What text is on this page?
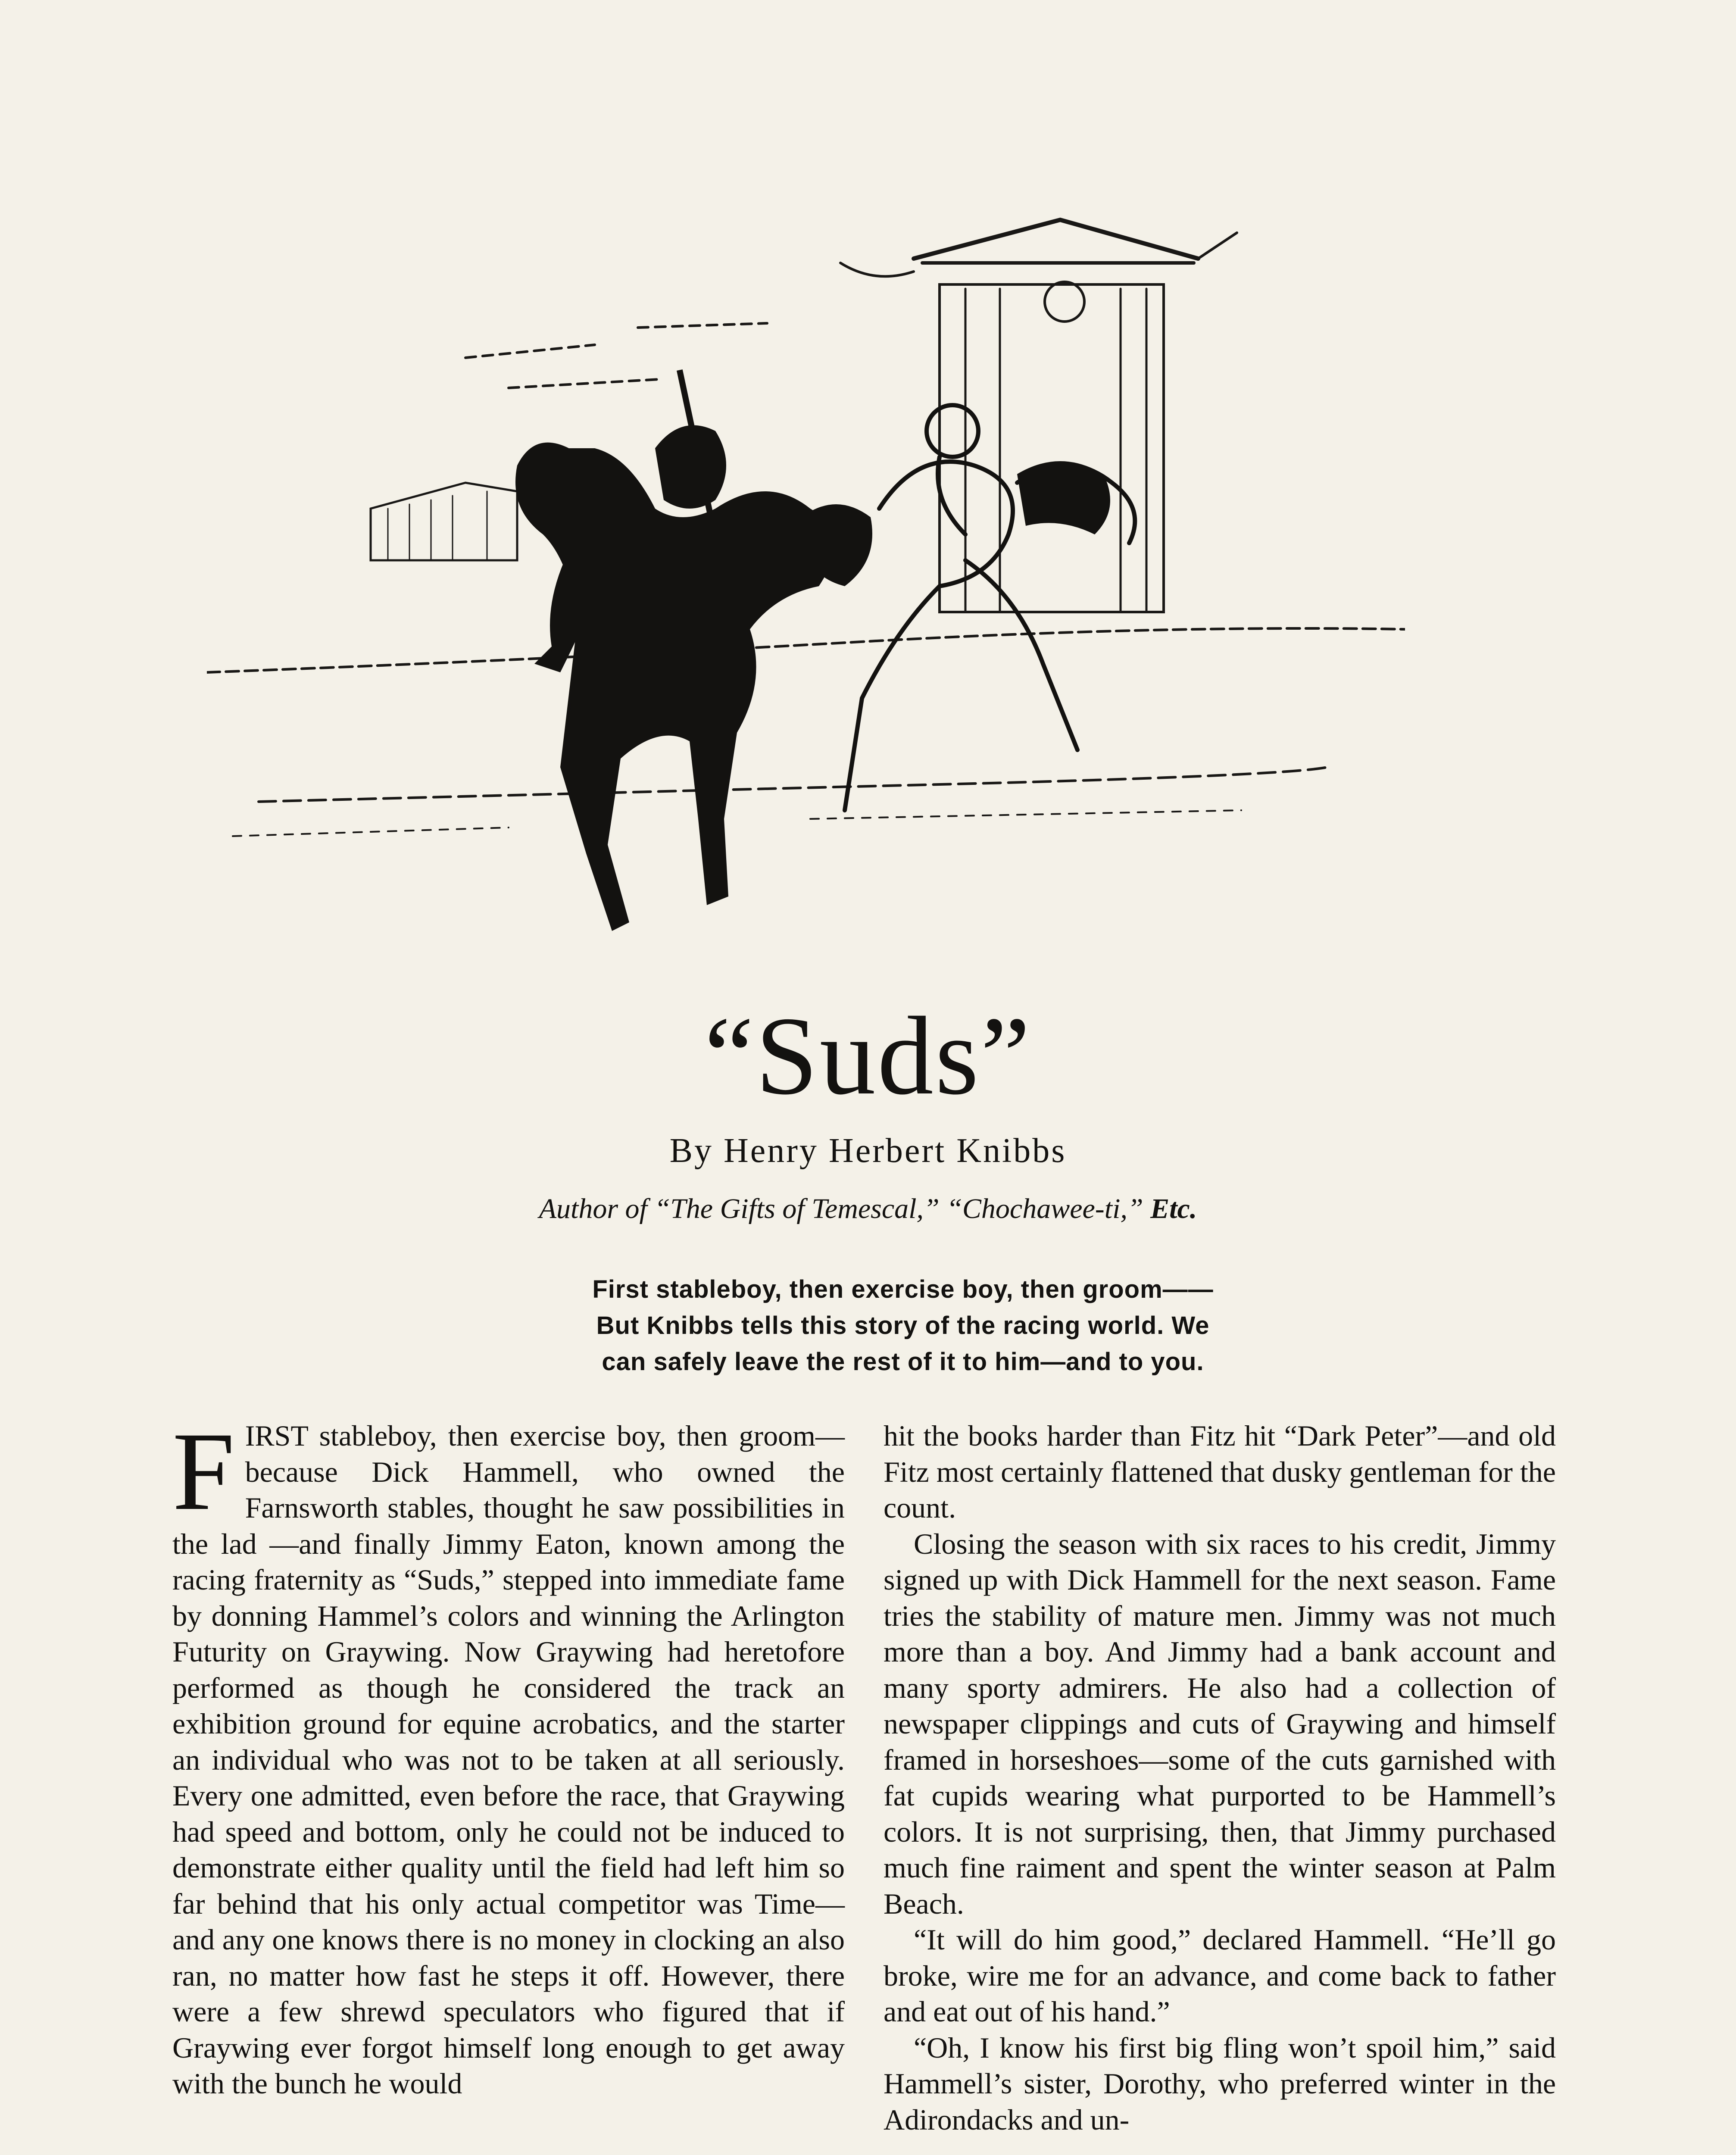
“Suds”
By Henry Herbert Knibbs
Author of “The Gifts of Temescal,” “Chochawee-ti,” Etc.

First stableboy, then exercise boy, then groom——

But Knibbs tells this story of the racing world. We

can safely leave the rest of it to him—and to you.

F IRST stableboy, then exercise boy, then groom—because Dick Hammell, who owned the Farnsworth stables, thought he saw possibilities in the lad —and finally Jimmy Eaton, known among the racing fraternity as “Suds,” stepped into immediate fame by donning Hammel’s colors and winning the Arlington Futurity on Graywing. Now Graywing had heretofore performed as though he considered the track an exhibition ground for equine acrobatics, and the starter an individual who was not to be taken at all seriously. Every one admitted, even before the race, that Graywing had speed and bottom, only he could not be induced to demonstrate either quality until the field had left him so far behind that his only actual competitor was Time—and any one knows there is no money in clocking an also ran, no matter how fast he steps it off. However, there were a few shrewd speculators who figured that if Graywing ever forgot himself long enough to get away with the bunch he would

hit the books harder than Fitz hit “Dark Peter”—and old Fitz most certainly flattened that dusky gentleman for the count.

Closing the season with six races to his credit, Jimmy signed up with Dick Hammell for the next season. Fame tries the stability of mature men. Jimmy was not much more than a boy. And Jimmy had a bank account and many sporty admirers. He also had a collection of newspaper clippings and cuts of Graywing and himself framed in horseshoes—some of the cuts garnished with fat cupids wearing what purported to be Hammell’s colors. It is not surprising, then, that Jimmy purchased much fine raiment and spent the winter season at Palm Beach.

“It will do him good,” declared Hammell. “He’ll go broke, wire me for an advance, and come back to father and eat out of his hand.”

“Oh, I know his first big fling won’t spoil him,” said Hammell’s sister, Dorothy, who preferred winter in the Adirondacks and un-
